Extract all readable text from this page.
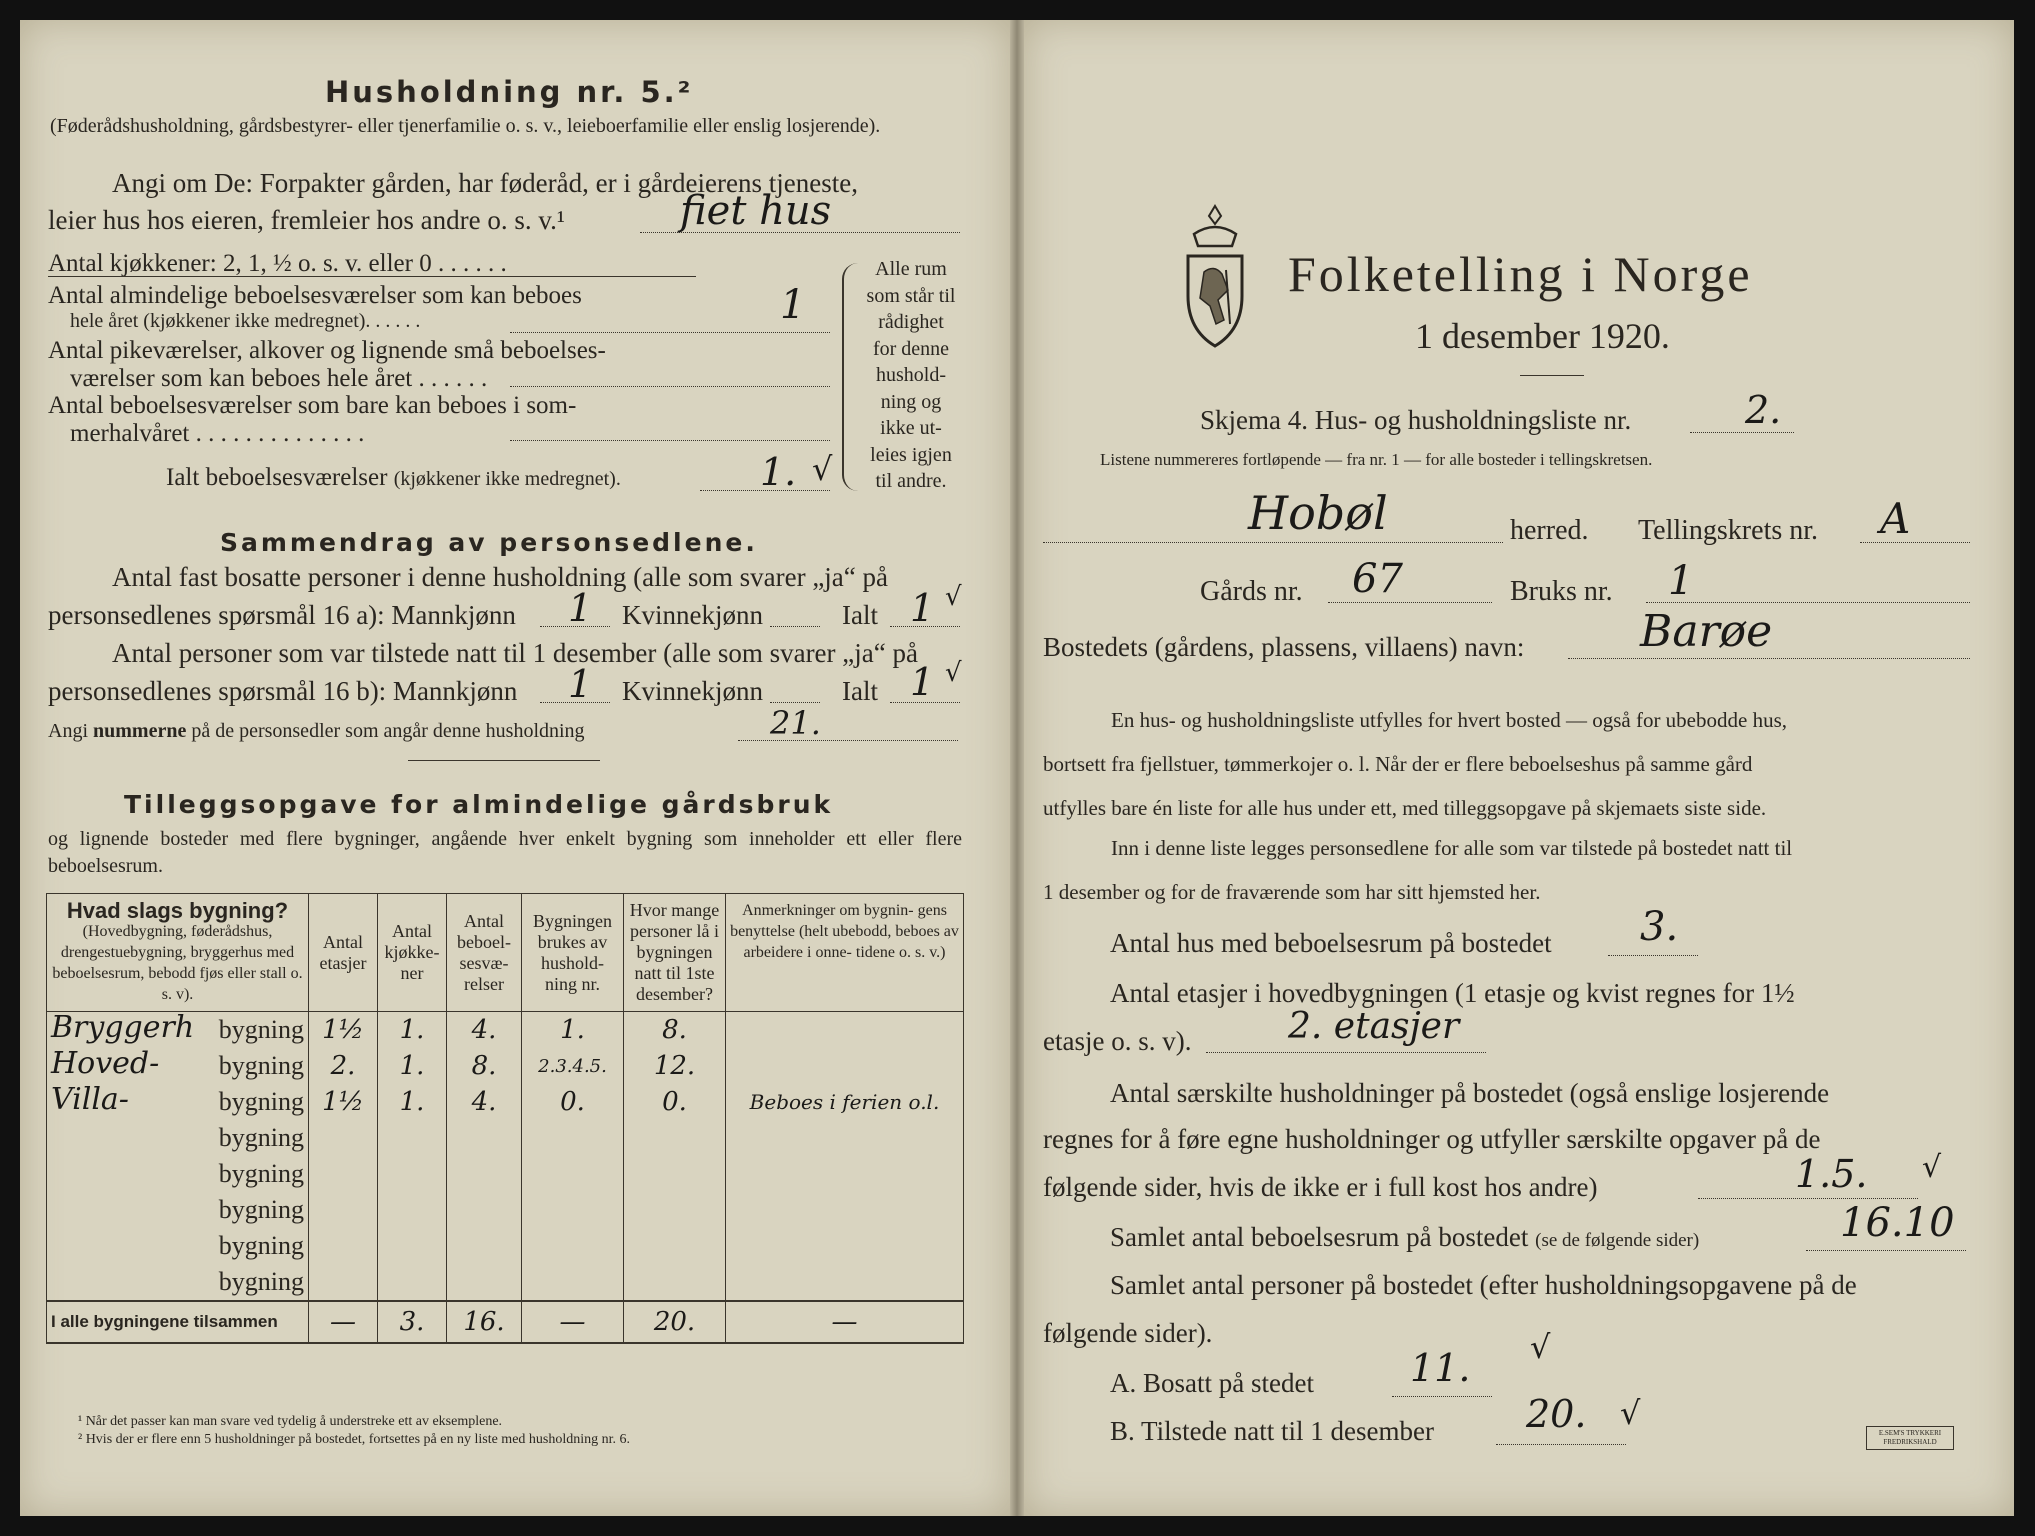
Husholdning nr. 5.²
(Føderådshusholdning, gårdsbestyrer- eller tjenerfamilie o. s. v., leieboerfamilie eller enslig losjerende).
Angi om De: Forpakter gården, har føderåd, er i gårdeierens tjeneste,
leier hus hos eieren, fremleier hos andre o. s. v.¹	fiet hus
Antal kjøkkener: 2, 1, ½ o. s. v. eller 0 . . . . . .
Antal almindelige beboelsesværelser som kan beboes
hele året (kjøkkener ikke medregnet). . . . . .	1
Antal pikeværelser, alkover og lignende små beboelses-
værelser som kan beboes hele året . . . . . .
Antal beboelsesværelser som bare kan beboes i som-
merhalvåret . . . . . . . . . . . . . .
Alle rum
som står til
rådighet
for denne
hushold-
ning og
ikke ut-
leies igjen
til andre.
Ialt beboelsesværelser (kjøkkener ikke medregnet).	1. √
Sammendrag av personsedlene.
Antal fast bosatte personer i denne husholdning (alle som svarer „ja“ på
personsedlenes spørsmål 16 a): Mannkjønn 1 Kvinnekjønn	Ialt 1 √
Antal personer som var tilstede natt til 1 desember (alle som svarer „ja“ på
personsedlenes spørsmål 16 b): Mannkjønn 1 Kvinnekjønn	Ialt 1 √
Angi nummerne på de personsedler som angår denne husholdning	21.
Tilleggsopgave for almindelige gårdsbruk
og lignende bosteder med flere bygninger, angående hver enkelt bygning som inneholder ett eller flere beboelsesrum.
Hvad slags bygning?
(Hovedbygning, føderådshus, drengestuebygning, bryggerhus med beboelsesrum, bebodd fjøs eller stall o. s. v).	Antal etasjer	Antal kjøkke- ner	Antal beboel- sesvæ- relser	Bygningen brukes av hushold- ning nr.	Hvor mange personer lå i bygningen natt til 1ste desember?	Anmerkninger om bygnin- gens benyttelse (helt ubebodd, beboes av arbeidere i onne- tidene o. s. v.)

Bryggerh bygning	1½	1.	4.	1.	8.	

Hoved- bygning	2.	1.	8.	2.3.4.5.	12.	

Villa- bygning	1½	1.	4.	0.	0.	Beboes i ferien o.l.
bygning						
bygning						
bygning						
bygning						
bygning						
I alle bygningene tilsammen	—	3.	16.	—	20.	—
¹ Når det passer kan man svare ved tydelig å understreke ett av eksemplene.
² Hvis der er flere enn 5 husholdninger på bostedet, fortsettes på en ny liste med husholdning nr. 6.
Folketelling i Norge
1 desember 1920.
Skjema 4. Hus- og husholdningsliste nr.	2.
Listene nummereres fortløpende — fra nr. 1 — for alle bosteder i tellingskretsen.
Hobøl	herred. Tellingskrets nr. A
Gårds nr. 67	Bruks nr. 1
Bostedets (gårdens, plassens, villaens) navn:	Barøe
En hus- og husholdningsliste utfylles for hvert bosted — også for ubebodde hus,
bortsett fra fjellstuer, tømmerkojer o. l. Når der er flere beboelseshus på samme gård
utfylles bare én liste for alle hus under ett, med tilleggsopgave på skjemaets siste side.
Inn i denne liste legges personsedlene for alle som var tilstede på bostedet natt til
1 desember og for de fraværende som har sitt hjemsted her.
Antal hus med beboelsesrum på bostedet 3.
Antal etasjer i hovedbygningen (1 etasje og kvist regnes for 1½
etasje o. s. v).	2. etasjer
Antal særskilte husholdninger på bostedet (også enslige losjerende
regnes for å føre egne husholdninger og utfyller særskilte opgaver på de
følgende sider, hvis de ikke er i full kost hos andre)	1.5. √
Samlet antal beboelsesrum på bostedet (se de følgende sider)	16.10
Samlet antal personer på bostedet (efter husholdningsopgavene på de
følgende sider).
A. Bosatt på stedet	11. √
B. Tilstede natt til 1 desember 20. √
E.SEM'S TRYKKERI FREDRIKSHALD
